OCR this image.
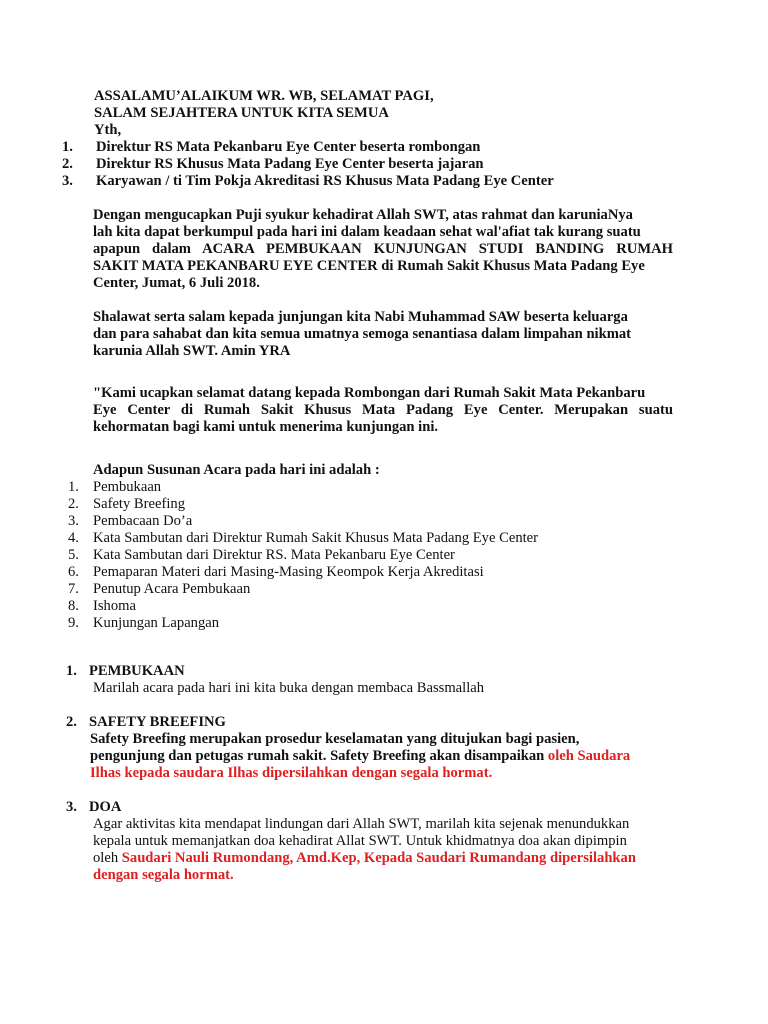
ASSALAMU’ALAIKUM WR. WB, SELAMAT PAGI,
SALAM SEJAHTERA UNTUK KITA SEMUA
Yth,
1. Direktur RS Mata Pekanbaru Eye Center beserta rombongan
2. Direktur RS Khusus Mata Padang Eye Center beserta jajaran
3. Karyawan / ti Tim Pokja Akreditasi RS Khusus Mata Padang Eye Center
Dengan mengucapkan Puji syukur kehadirat Allah SWT, atas rahmat dan karuniaNya
lah kita dapat berkumpul pada hari ini dalam keadaan sehat wal'afiat tak kurang suatu
apapun dalam ACARA PEMBUKAAN KUNJUNGAN STUDI BANDING RUMAH
SAKIT MATA PEKANBARU EYE CENTER di Rumah Sakit Khusus Mata Padang Eye
Center, Jumat, 6 Juli 2018.
Shalawat serta salam kepada junjungan kita Nabi Muhammad SAW beserta keluarga
dan para sahabat dan kita semua umatnya semoga senantiasa dalam limpahan nikmat
karunia Allah SWT. Amin YRA
"Kami ucapkan selamat datang kepada Rombongan dari Rumah Sakit Mata Pekanbaru
Eye Center di Rumah Sakit Khusus Mata Padang Eye Center. Merupakan suatu
kehormatan bagi kami untuk menerima kunjungan ini.
Adapun Susunan Acara pada hari ini adalah :
1. Pembukaan
2. Safety Breefing
3. Pembacaan Do’a
4. Kata Sambutan dari Direktur Rumah Sakit Khusus Mata Padang Eye Center
5. Kata Sambutan dari Direktur RS. Mata Pekanbaru Eye Center
6. Pemaparan Materi dari Masing-Masing Keompok Kerja Akreditasi
7. Penutup Acara Pembukaan
8. Ishoma
9. Kunjungan Lapangan
1. PEMBUKAAN
Marilah acara pada hari ini kita buka dengan membaca Bassmallah
2. SAFETY BREEFING
Safety Breefing merupakan prosedur keselamatan yang ditujukan bagi pasien,
pengunjung dan petugas rumah sakit. Safety Breefing akan disampaikan oleh Saudara
Ilhas kepada saudara Ilhas dipersilahkan dengan segala hormat.
3. DOA
Agar aktivitas kita mendapat lindungan dari Allah SWT, marilah kita sejenak menundukkan
kepala untuk memanjatkan doa kehadirat Allat SWT. Untuk khidmatnya doa akan dipimpin
oleh Saudari Nauli Rumondang, Amd.Kep, Kepada Saudari Rumandang dipersilahkan
dengan segala hormat.
